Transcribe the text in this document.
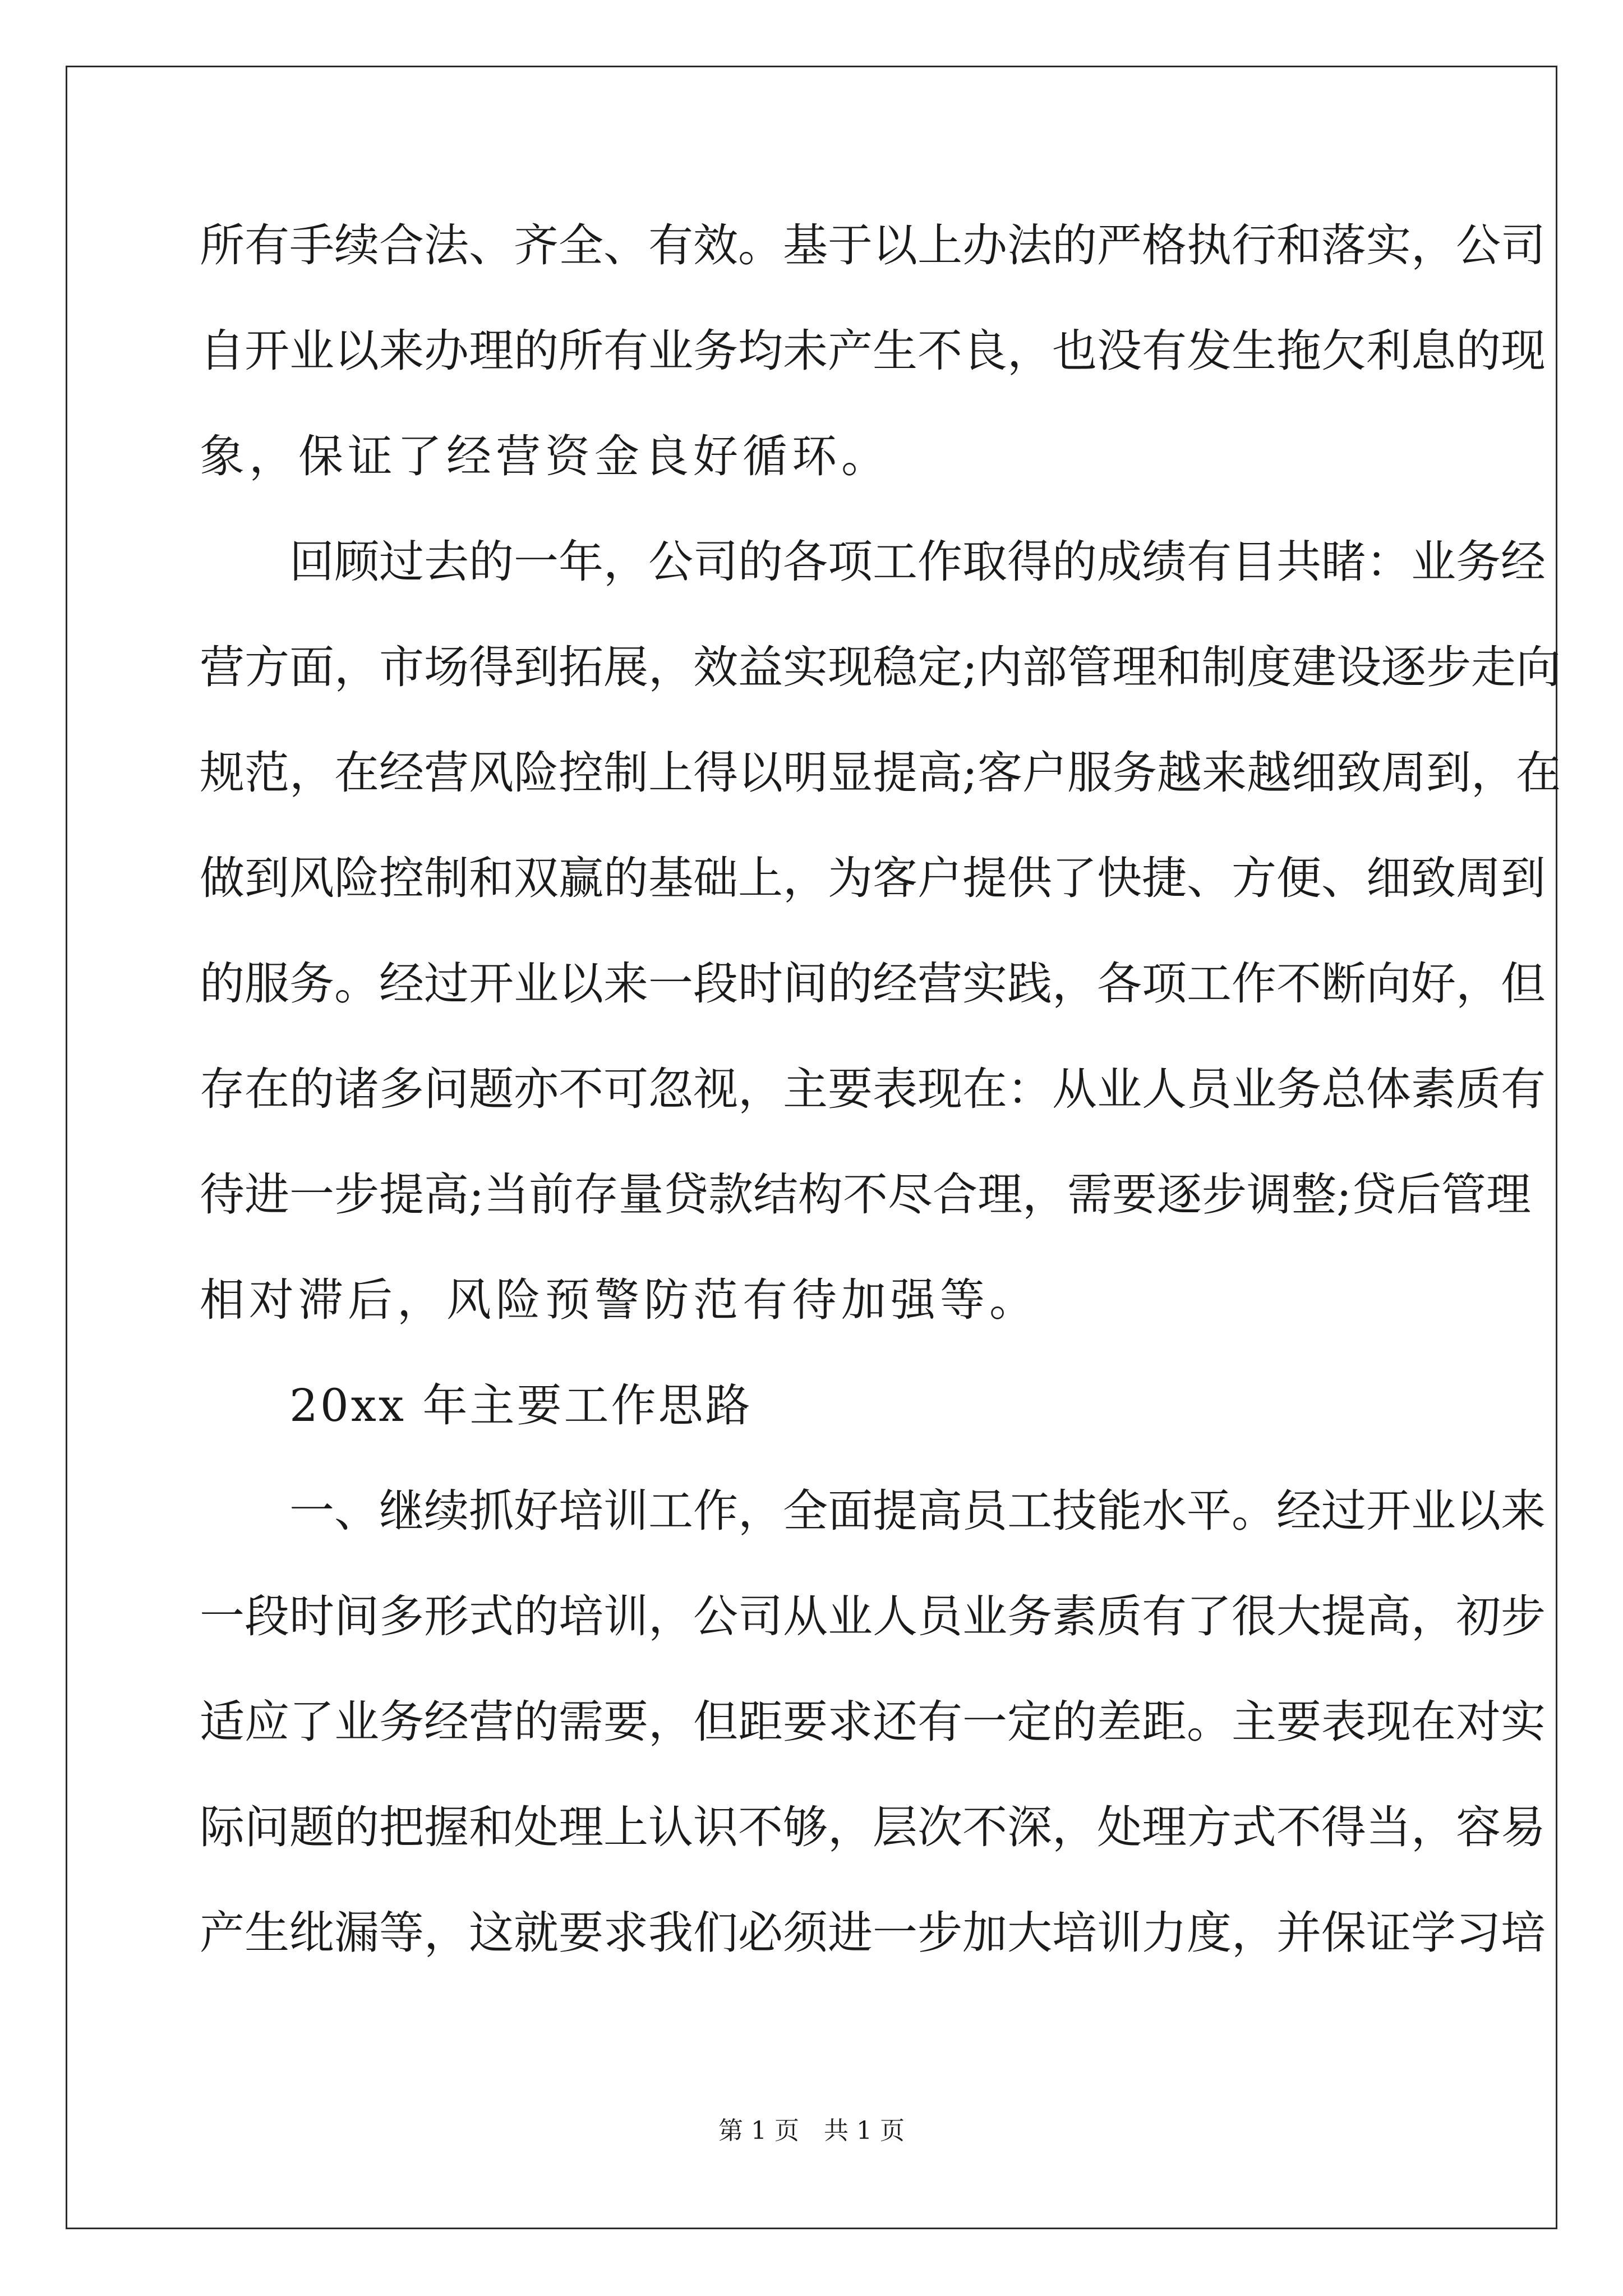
所有手续合法、齐全、有效。基于以上办法的严格执行和落实，公司
自开业以来办理的所有业务均未产生不良，也没有发生拖欠利息的现
象，保证了经营资金良好循环。
回顾过去的一年，公司的各项工作取得的成绩有目共睹：业务经
营方面，市场得到拓展，效益实现稳定;内部管理和制度建设逐步走向
规范，在经营风险控制上得以明显提高;客户服务越来越细致周到，在
做到风险控制和双赢的基础上，为客户提供了快捷、方便、细致周到
的服务。经过开业以来一段时间的经营实践，各项工作不断向好，但
存在的诸多问题亦不可忽视，主要表现在：从业人员业务总体素质有
待进一步提高;当前存量贷款结构不尽合理，需要逐步调整;贷后管理
相对滞后，风险预警防范有待加强等。
20xx 年主要工作思路
一、继续抓好培训工作，全面提高员工技能水平。经过开业以来
一段时间多形式的培训，公司从业人员业务素质有了很大提高，初步
适应了业务经营的需要，但距要求还有一定的差距。主要表现在对实
际问题的把握和处理上认识不够，层次不深，处理方式不得当，容易
产生纰漏等，这就要求我们必须进一步加大培训力度，并保证学习培
第 1 页　共 1 页
